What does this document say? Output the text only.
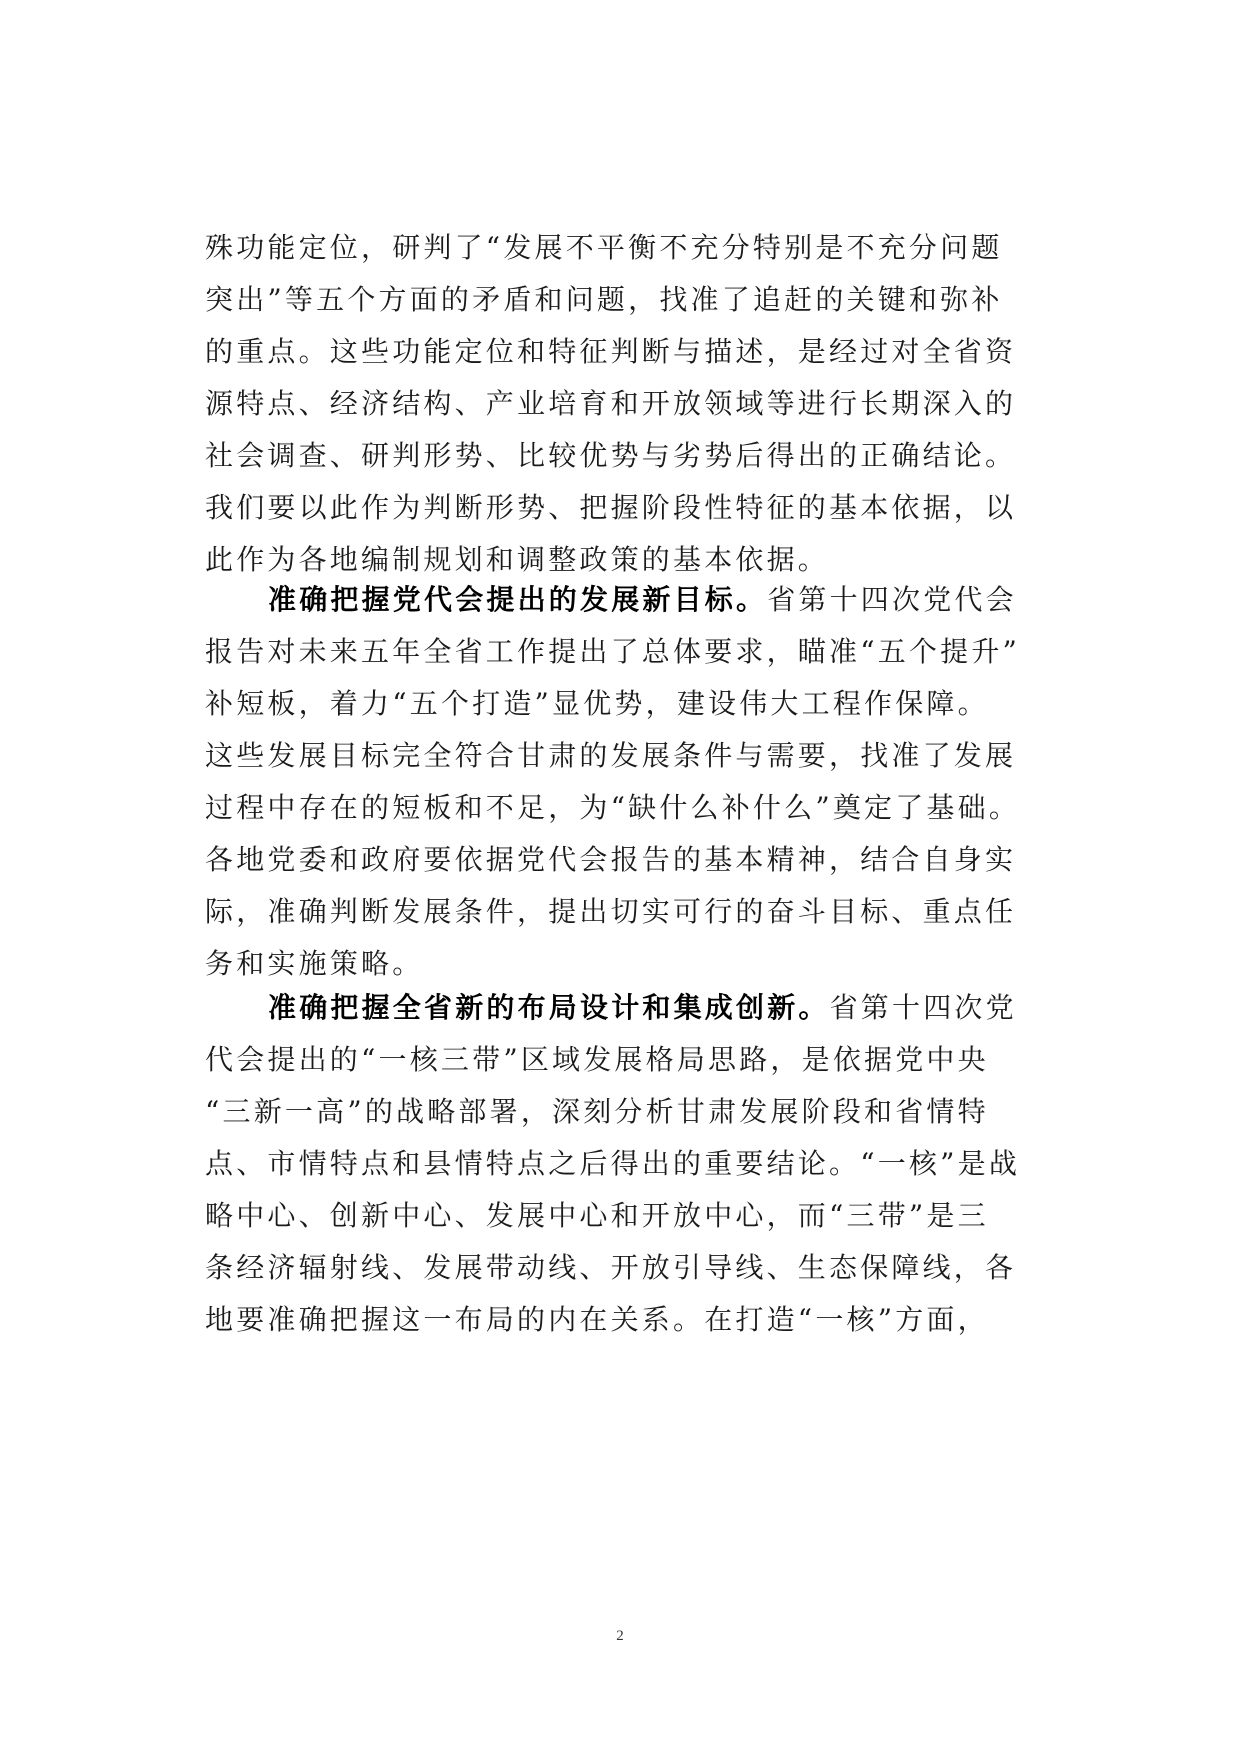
殊功能定位，研判了“发展不平衡不充分特别是不充分问题
突出”等五个方面的矛盾和问题，找准了追赶的关键和弥补
的重点。这些功能定位和特征判断与描述，是经过对全省资
源特点、经济结构、产业培育和开放领域等进行长期深入的
社会调查、研判形势、比较优势与劣势后得出的正确结论。
我们要以此作为判断形势、把握阶段性特征的基本依据，以
此作为各地编制规划和调整政策的基本依据。
准确把握党代会提出的发展新目标。省第十四次党代会
报告对未来五年全省工作提出了总体要求，瞄准“五个提升”
补短板，着力“五个打造”显优势，建设伟大工程作保障。
这些发展目标完全符合甘肃的发展条件与需要，找准了发展
过程中存在的短板和不足，为“缺什么补什么”奠定了基础。
各地党委和政府要依据党代会报告的基本精神，结合自身实
际，准确判断发展条件，提出切实可行的奋斗目标、重点任
务和实施策略。
准确把握全省新的布局设计和集成创新。省第十四次党
代会提出的“一核三带”区域发展格局思路，是依据党中央
“三新一高”的战略部署，深刻分析甘肃发展阶段和省情特
点、市情特点和县情特点之后得出的重要结论。“一核”是战
略中心、创新中心、发展中心和开放中心，而“三带”是三
条经济辐射线、发展带动线、开放引导线、生态保障线，各
地要准确把握这一布局的内在关系。在打造“一核”方面，
2
